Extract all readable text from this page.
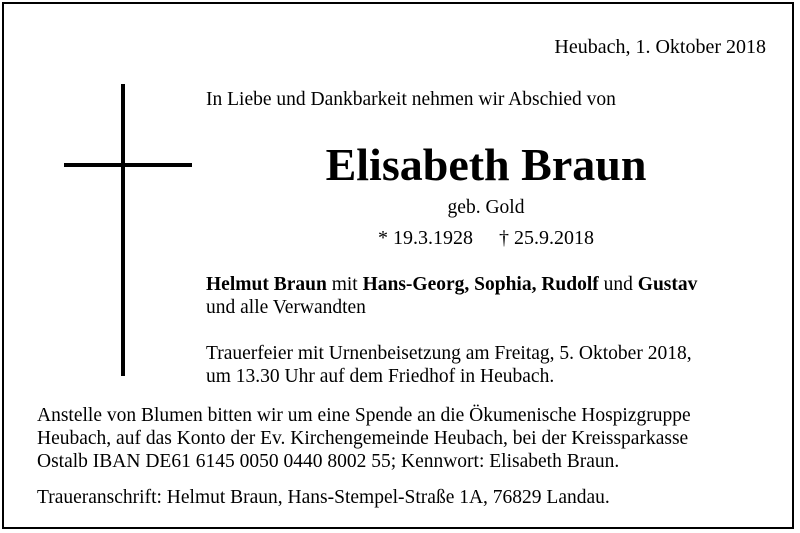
Heubach, 1. Oktober 2018
In Liebe und Dankbarkeit nehmen wir Abschied von
Elisabeth Braun
geb. Gold
* 19.3.1928 † 25.9.2018
Helmut Braun mit Hans-Georg, Sophia, Rudolf und Gustav
und alle Verwandten
Trauerfeier mit Urnenbeisetzung am Freitag, 5. Oktober 2018,
um 13.30 Uhr auf dem Friedhof in Heubach.
Anstelle von Blumen bitten wir um eine Spende an die Ökumenische Hospizgruppe
Heubach, auf das Konto der Ev. Kirchengemeinde Heubach, bei der Kreissparkasse
Ostalb IBAN DE61 6145 0050 0440 8002 55; Kennwort: Elisabeth Braun.
Traueranschrift: Helmut Braun, Hans-Stempel-Straße 1A, 76829 Landau.
